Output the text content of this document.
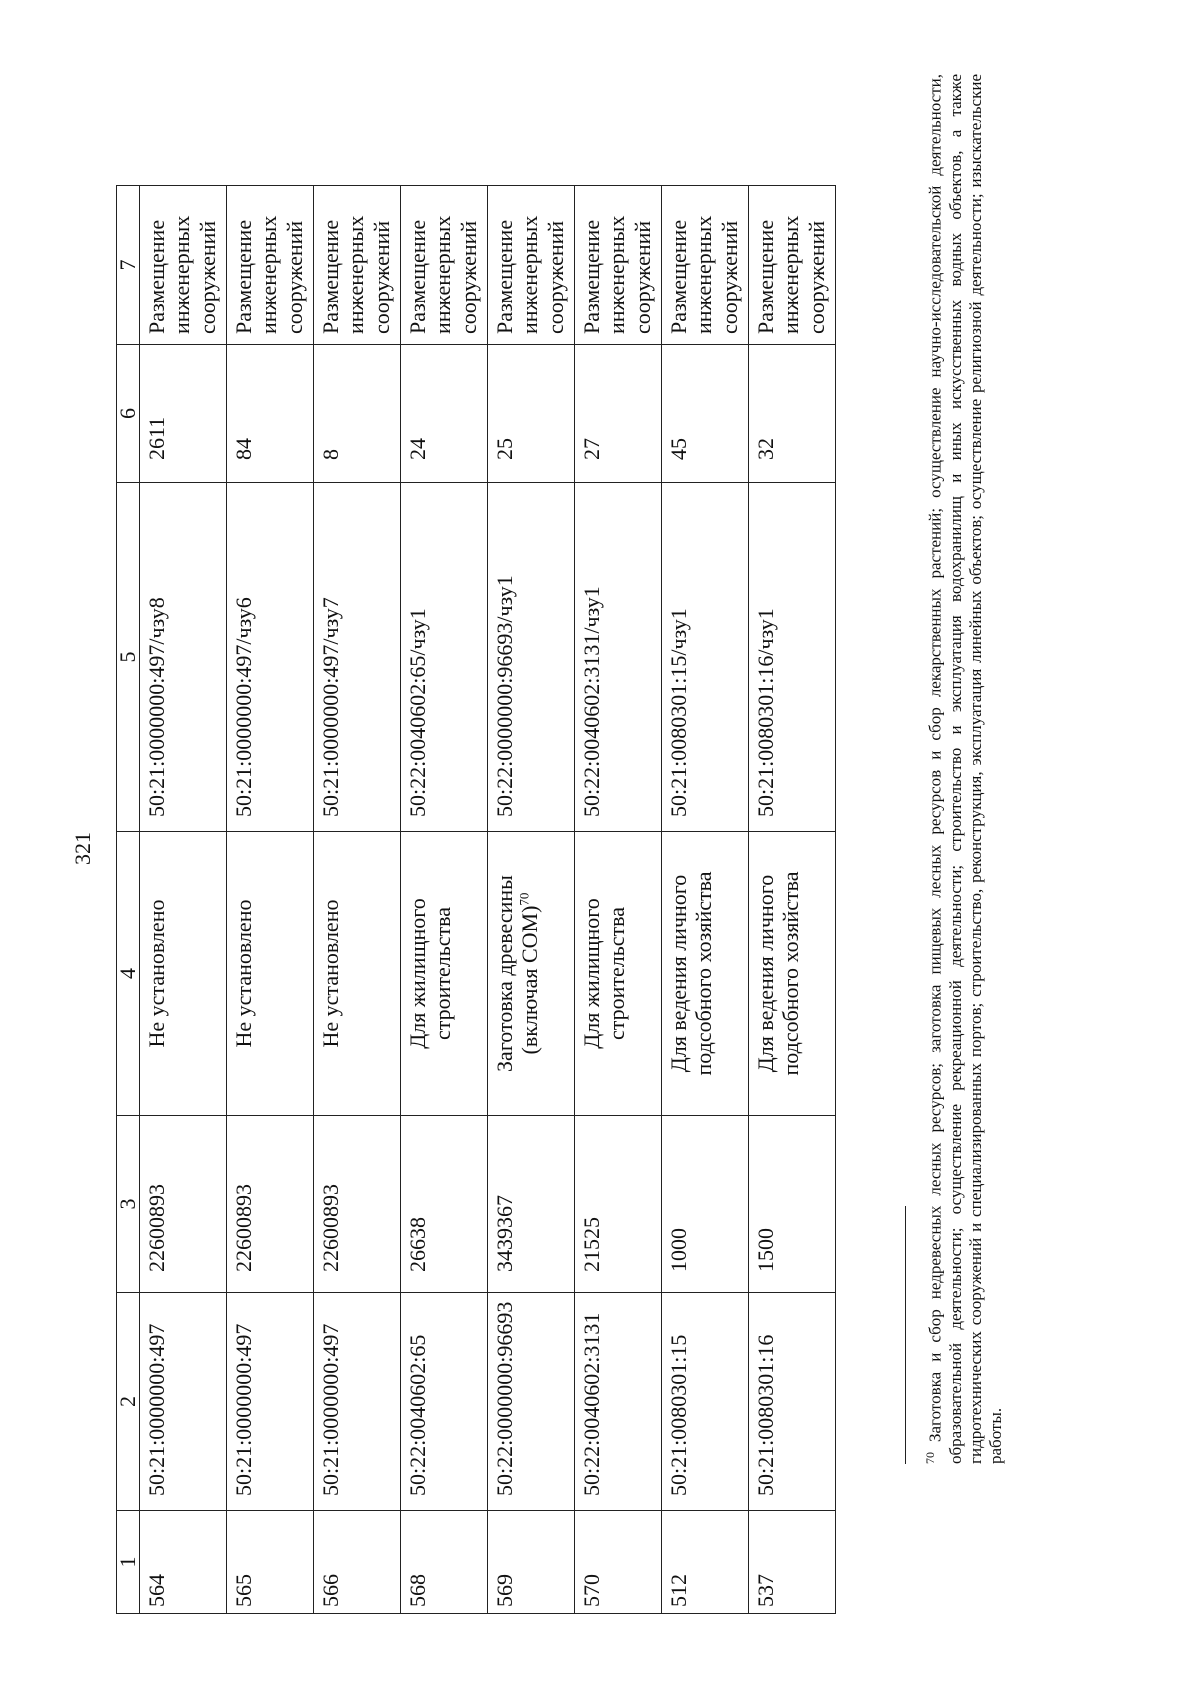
321
1	2	3	4	5	6	7
564	50:21:0000000:497	22600893	Не установлено	50:21:0000000:497/чзу8	2611	Размещение инженерных сооружений
565	50:21:0000000:497	22600893	Не установлено	50:21:0000000:497/чзу6	84	Размещение инженерных сооружений
566	50:21:0000000:497	22600893	Не установлено	50:21:0000000:497/чзу7	8	Размещение инженерных сооружений
568	50:22:0040602:65	26638	Для жилищного строительства	50:22:0040602:65/чзу1	24	Размещение инженерных сооружений
569	50:22:0000000:96693	3439367	Заготовка древесины (включая СОМ)$^{70}$	50:22:0000000:96693/чзу1	25	Размещение инженерных сооружений
570	50:22:0040602:3131	21525	Для жилищного строительства	50:22:0040602:3131/чзу1	27	Размещение инженерных сооружений
512	50:21:0080301:15	1000	Для ведения личного подсобного хозяйства	50:21:0080301:15/чзу1	45	Размещение инженерных сооружений
537	50:21:0080301:16	1500	Для ведения личного подсобного хозяйства	50:21:0080301:16/чзу1	32	Размещение инженерных сооружений
$^{70}$Заготовка и сбор недревесных лесных ресурсов; заготовка пищевых лесных ресурсов и сбор лекарственных растений; осуществление научно-исследовательской деятельности, образовательной деятельности; осуществление рекреационной деятельности; строительство и эксплуатация водохранилищ и иных искусственных водных объектов, а также гидротехнических сооружений и специализированных портов; строительство, реконструкция, эксплуатация линейных объектов; осуществление религиозной деятельности; изыскательские работы.
